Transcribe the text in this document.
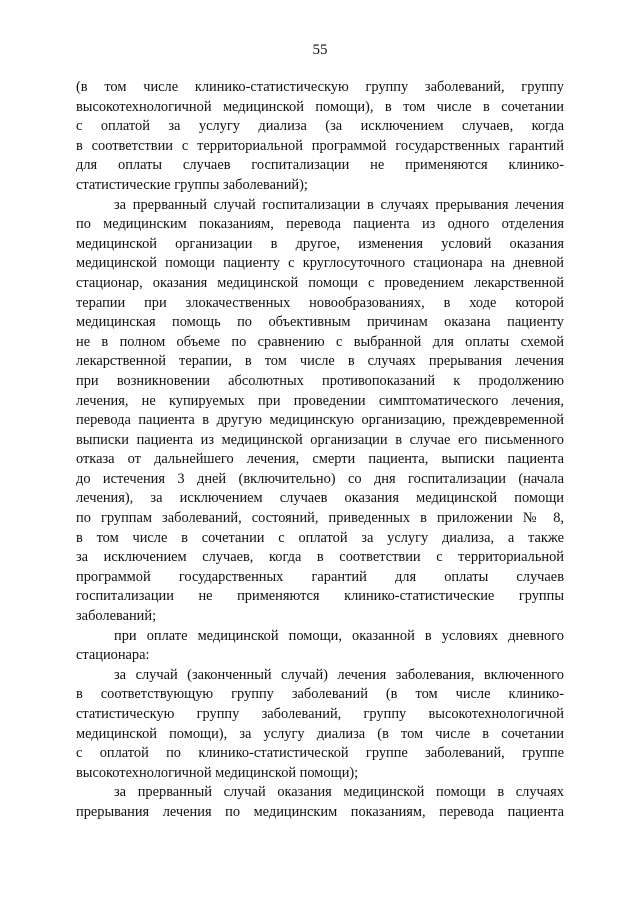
55
(в том числе клинико-статистическую группу заболеваний, группу
высокотехнологичной медицинской помощи), в том числе в сочетании
с оплатой за услугу диализа (за исключением случаев, когда
в соответствии с территориальной программой государственных гарантий
для оплаты случаев госпитализации не применяются клинико-
статистические группы заболеваний);
за прерванный случай госпитализации в случаях прерывания лечения
по медицинским показаниям, перевода пациента из одного отделения
медицинской организации в другое, изменения условий оказания
медицинской помощи пациенту с круглосуточного стационара на дневной
стационар, оказания медицинской помощи с проведением лекарственной
терапии при злокачественных новообразованиях, в ходе которой
медицинская помощь по объективным причинам оказана пациенту
не в полном объеме по сравнению с выбранной для оплаты схемой
лекарственной терапии, в том числе в случаях прерывания лечения
при возникновении абсолютных противопоказаний к продолжению
лечения, не купируемых при проведении симптоматического лечения,
перевода пациента в другую медицинскую организацию, преждевременной
выписки пациента из медицинской организации в случае его письменного
отказа от дальнейшего лечения, смерти пациента, выписки пациента
до истечения 3 дней (включительно) со дня госпитализации (начала
лечения), за исключением случаев оказания медицинской помощи
по группам заболеваний, состояний, приведенных в приложении № 8,
в том числе в сочетании с оплатой за услугу диализа, а также
за исключением случаев, когда в соответствии с территориальной
программой государственных гарантий для оплаты случаев
госпитализации не применяются клинико-статистические группы
заболеваний;
при оплате медицинской помощи, оказанной в условиях дневного
стационара:
за случай (законченный случай) лечения заболевания, включенного
в соответствующую группу заболеваний (в том числе клинико-
статистическую группу заболеваний, группу высокотехнологичной
медицинской помощи), за услугу диализа (в том числе в сочетании
с оплатой по клинико-статистической группе заболеваний, группе
высокотехнологичной медицинской помощи);
за прерванный случай оказания медицинской помощи в случаях
прерывания лечения по медицинским показаниям, перевода пациента
